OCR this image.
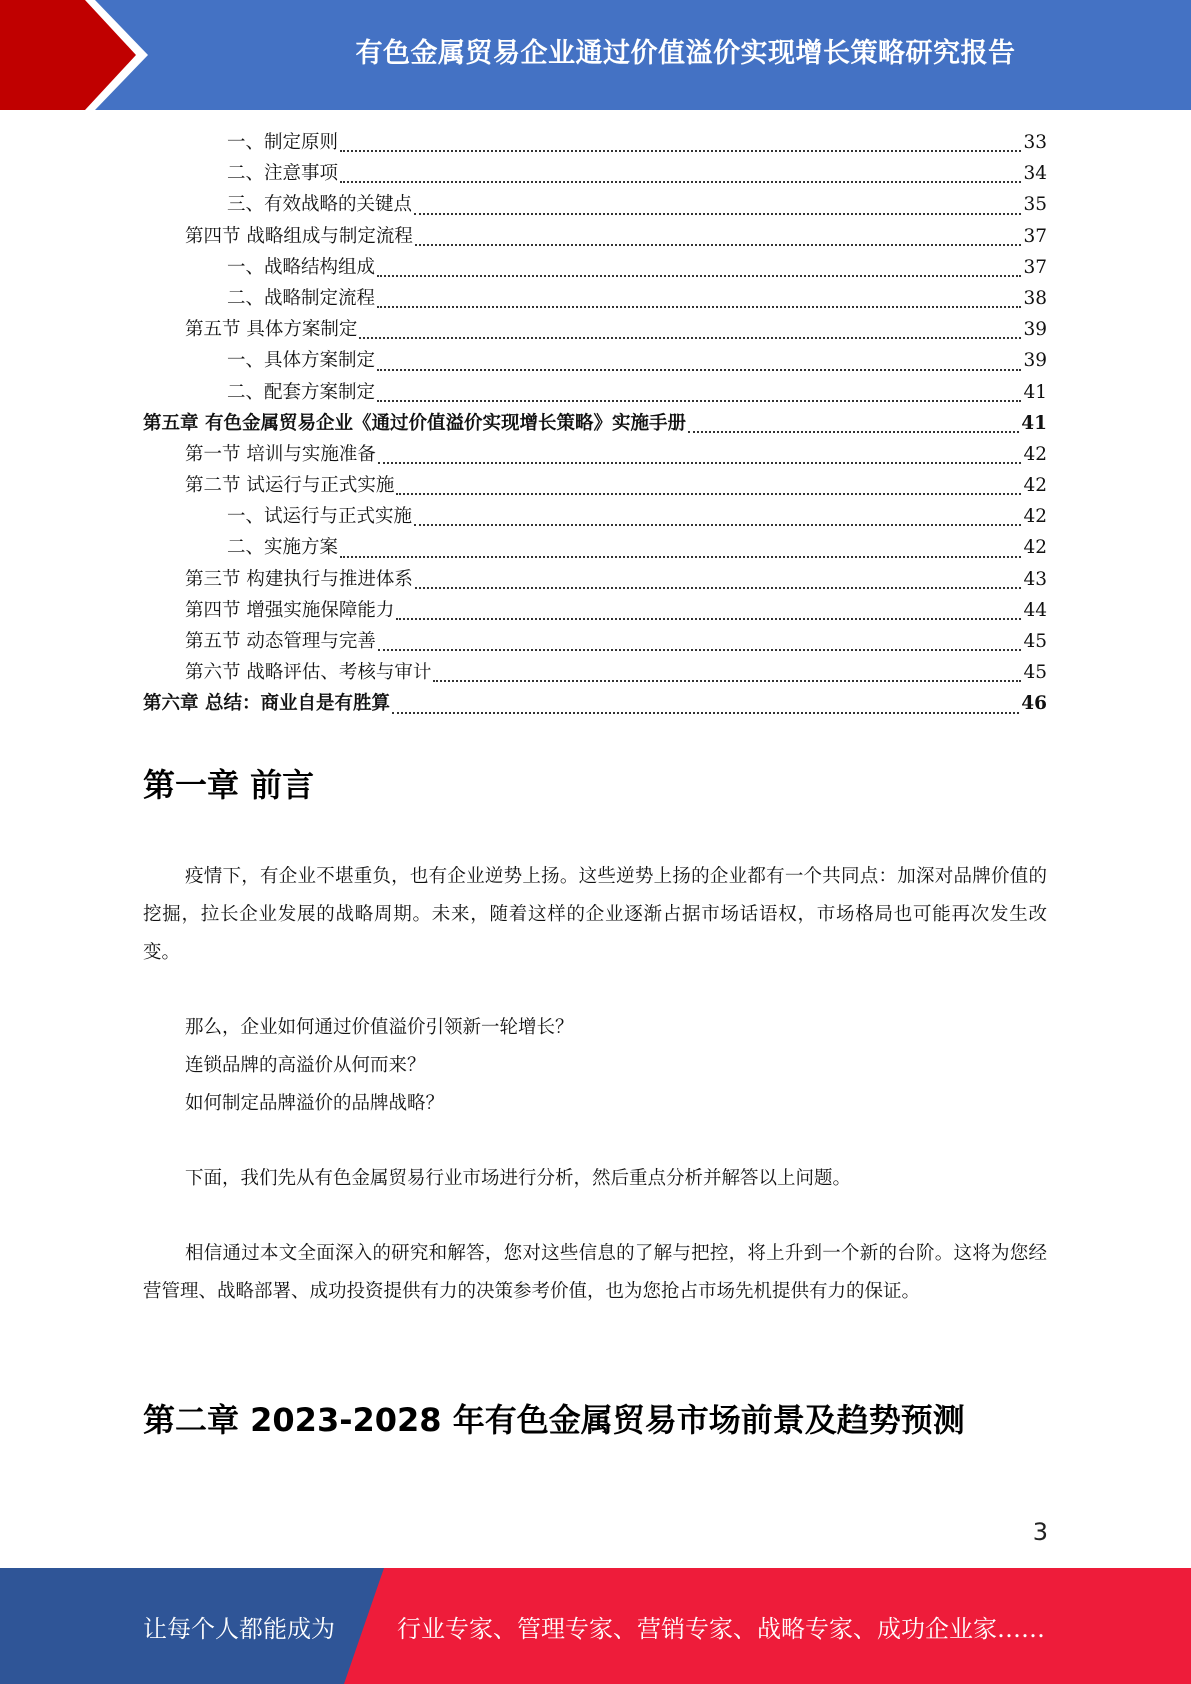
有色金属贸易企业通过价值溢价实现增长策略研究报告
一、制定原则	33
二、注意事项	34
三、有效战略的关键点	35
第四节 战略组成与制定流程	37
一、战略结构组成	37
二、战略制定流程	38
第五节 具体方案制定	39
一、具体方案制定	39
二、配套方案制定	41
第五章 有色金属贸易企业《通过价值溢价实现增长策略》实施手册	41
第一节 培训与实施准备	42
第二节 试运行与正式实施	42
一、试运行与正式实施	42
二、实施方案	42
第三节 构建执行与推进体系	43
第四节 增强实施保障能力	44
第五节 动态管理与完善	45
第六节 战略评估、考核与审计	45
第六章 总结：商业自是有胜算	46
第一章 前言

疫情下，有企业不堪重负，也有企业逆势上扬。这些逆势上扬的企业都有一个共同点：加深对品牌价值的挖掘，拉长企业发展的战略周期。未来，随着这样的企业逐渐占据市场话语权，市场格局也可能再次发生改变。

那么，企业如何通过价值溢价引领新一轮增长？

连锁品牌的高溢价从何而来？

如何制定品牌溢价的品牌战略？

下面，我们先从有色金属贸易行业市场进行分析，然后重点分析并解答以上问题。

相信通过本文全面深入的研究和解答，您对这些信息的了解与把控，将上升到一个新的台阶。这将为您经营管理、战略部署、成功投资提供有力的决策参考价值，也为您抢占市场先机提供有力的保证。

第二章 2023-2028 年有色金属贸易市场前景及趋势预测
3
让每个人都能成为	行业专家、管理专家、营销专家、战略专家、成功企业家……
